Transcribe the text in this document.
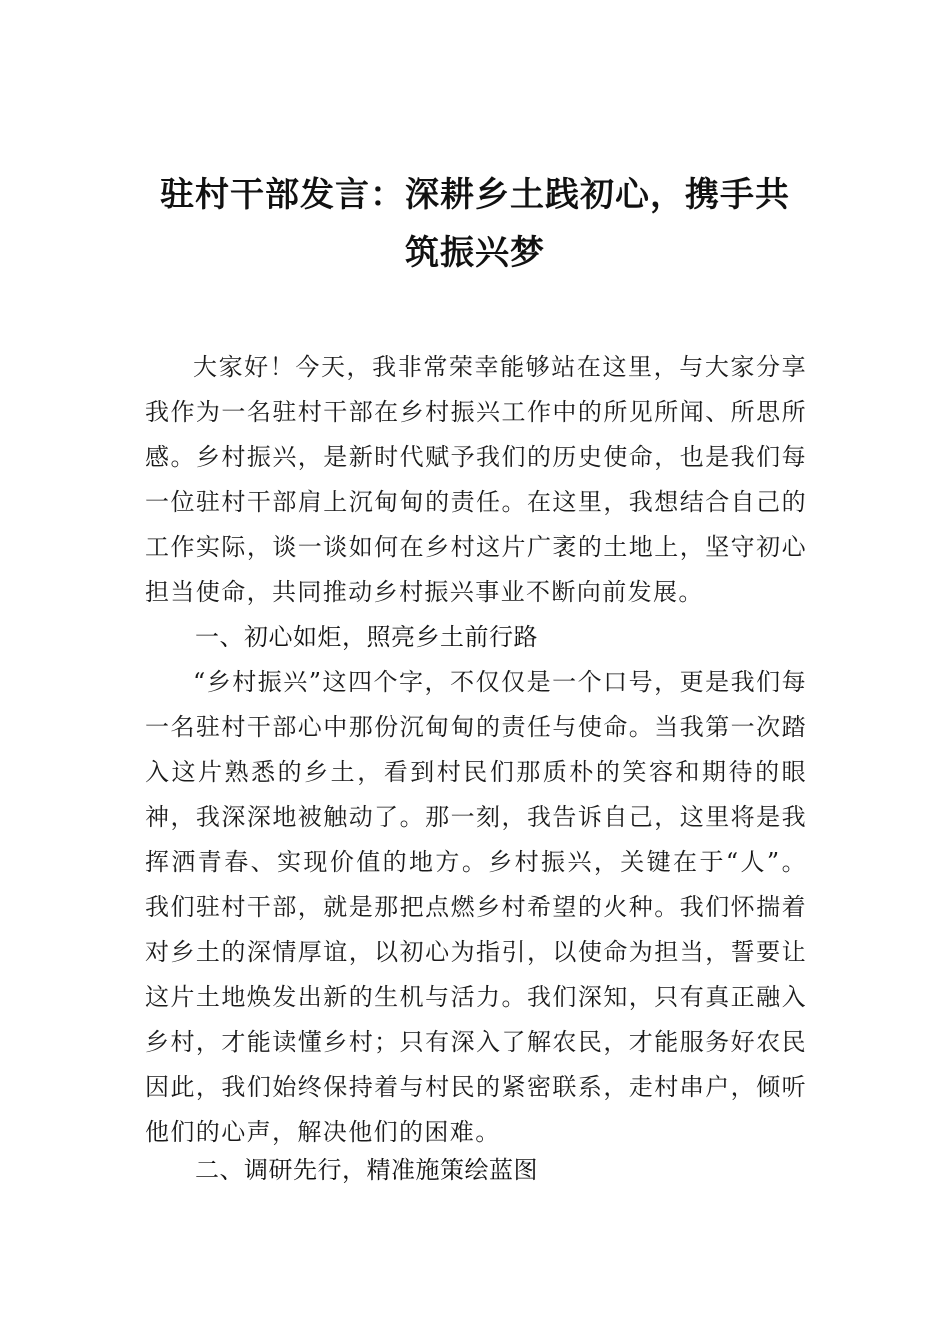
驻村干部发言：深耕乡土践初心，携手共
筑振兴梦

大家好！今天，我非常荣幸能够站在这里，与大家分享我作为一名驻村干部在乡村振兴工作中的所见所闻、所思所感。乡村振兴，是新时代赋予我们的历史使命，也是我们每一位驻村干部肩上沉甸甸的责任。在这里，我想结合自己的工作实际，谈一谈如何在乡村这片广袤的土地上，坚守初心担当使命，共同推动乡村振兴事业不断向前发展。

一、初心如炬，照亮乡土前行路

“乡村振兴”这四个字，不仅仅是一个口号，更是我们每一名驻村干部心中那份沉甸甸的责任与使命。当我第一次踏入这片熟悉的乡土，看到村民们那质朴的笑容和期待的眼神，我深深地被触动了。那一刻，我告诉自己，这里将是我挥洒青春、实现价值的地方。乡村振兴，关键在于“人”。我们驻村干部，就是那把点燃乡村希望的火种。我们怀揣着对乡土的深情厚谊，以初心为指引，以使命为担当，誓要让这片土地焕发出新的生机与活力。我们深知，只有真正融入乡村，才能读懂乡村；只有深入了解农民，才能服务好农民因此，我们始终保持着与村民的紧密联系，走村串户，倾听他们的心声，解决他们的困难。

二、调研先行，精准施策绘蓝图
